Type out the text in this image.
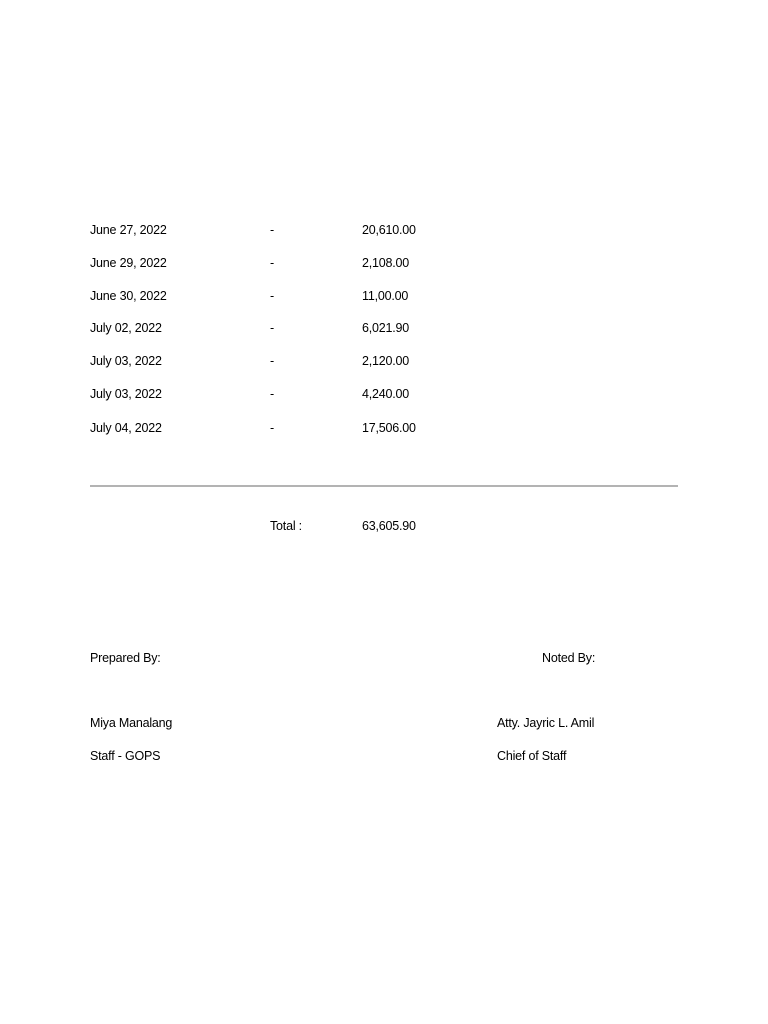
June 27, 2022	-	20,610.00
June 29, 2022	-	2,108.00
June 30, 2022	-	11,00.00
July 02, 2022	-	6,021.90
July 03, 2022	-	2,120.00
July 03, 2022	-	4,240.00
July 04, 2022	-	17,506.00
Total :	63,605.90
Prepared By:
Miya Manalang
Staff - GOPS
Noted By:
Atty. Jayric L. Amil
Chief of Staff
